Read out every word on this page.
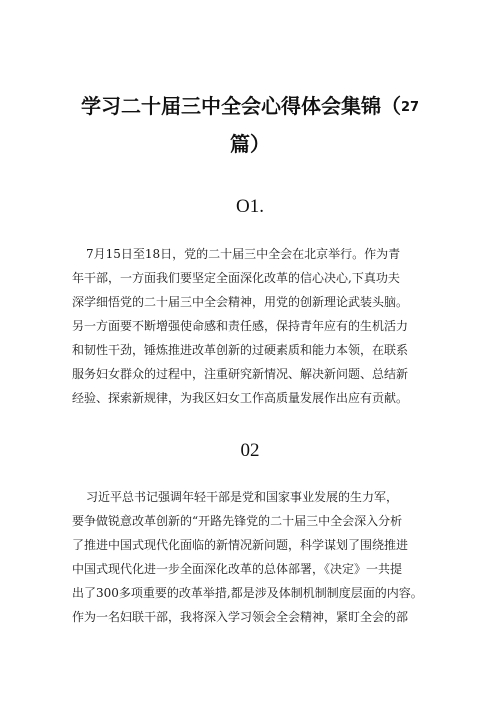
学习二十届三中全会心得体会集锦（27
篇）
O1.
7月15日至18日，党的二十届三中全会在北京举行。作为青
年干部，一方面我们要坚定全面深化改革的信心决心,下真功夫
深学细悟党的二十届三中全会精神，用党的创新理论武装头脑。
另一方面要不断增强使命感和责任感，保持青年应有的生机活力
和韧性干劲，锤炼推进改革创新的过硬素质和能力本领，在联系
服务妇女群众的过程中，注重研究新情况、解决新问题、总结新
经验、探索新规律，为我区妇女工作高质量发展作出应有贡献。
02
习近平总书记强调年轻干部是党和国家事业发展的生力军，
要争做锐意改革创新的“开路先锋党的二十届三中全会深入分析
了推进中国式现代化面临的新情况新问题，科学谋划了围绕推进
中国式现代化进一步全面深化改革的总体部署，《决定》一共提
出了300多项重要的改革举措,都是涉及体制机制制度层面的内容。
作为一名妇联干部，我将深入学习领会全会精神，紧盯全会的部
